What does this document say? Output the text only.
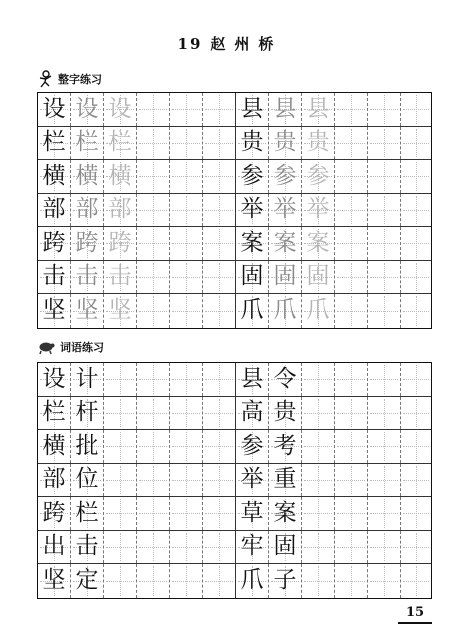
19 赵州桥
整字练习
设 设 设	县 县 县
栏 栏 栏	贵 贵 贵
横 横 横	参 参 参
部 部 部	举 举 举
跨 跨 跨	案 案 案
击 击 击	固 固 固
坚 坚 坚	爪 爪 爪
词语练习
设 计	县 令
栏 杆	高 贵
横 批	参 考
部 位	举 重
跨 栏	草 案
出 击	牢 固
坚 定	爪 子
15
